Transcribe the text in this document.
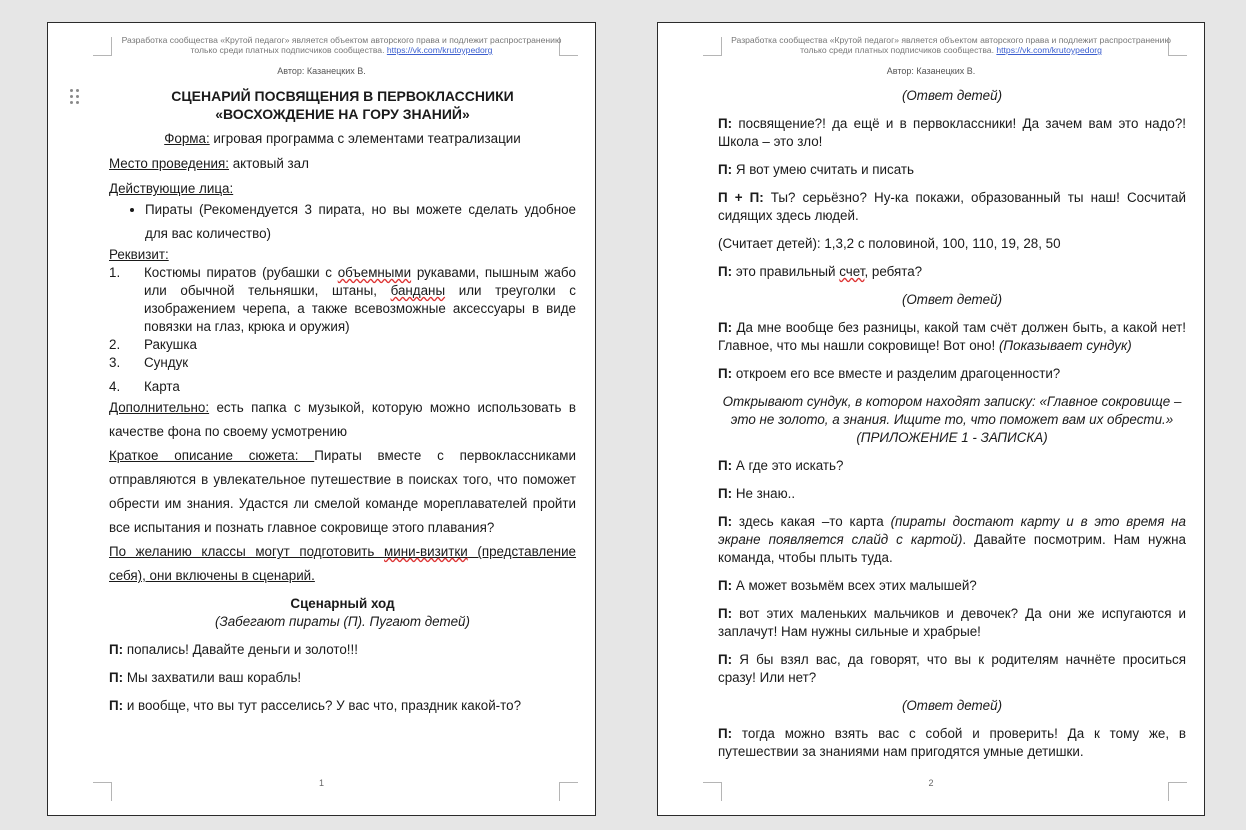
Разработка сообщества «Крутой педагог» является объектом авторского права и подлежит распространению
только среди платных подписчиков сообщества. https://vk.com/krutoypedorg
Автор: Казанецких В.

СЦЕНАРИЙ ПОСВЯЩЕНИЯ В ПЕРВОКЛАССНИКИ

«ВОСХОЖДЕНИЕ НА ГОРУ ЗНАНИЙ»

Форма: игровая программа с элементами театрализации

Место проведения: актовый зал

Действующие лица:

• Пираты (Рекомендуется 3 пирата, но вы можете сделать удобное для вас количество)

Реквизит:

1.	Костюмы пиратов (рубашки с объемными рукавами, пышным жабо или обычной тельняшки, штаны, банданы или треуголки с изображением черепа, а также всевозможные аксессуары в виде повязки на глаз, крюка и оружия)
2.	Ракушка
3.	Сундук
4.	Карта

Дополнительно: есть папка с музыкой, которую можно использовать в качестве фона по своему усмотрению

Краткое описание сюжета: Пираты вместе с первоклассниками отправляются в увлекательное путешествие в поисках того, что поможет обрести им знания. Удастся ли смелой команде мореплавателей пройти все испытания и познать главное сокровище этого плавания?

По желанию классы могут подготовить мини-визитки (представление себя), они включены в сценарий.

Сценарный ход

(Забегают пираты (П). Пугают детей)

П: попались! Давайте деньги и золото!!!

П: Мы захватили ваш корабль!

П: и вообще, что вы тут расселись? У вас что, праздник какой-то?

1
Разработка сообщества «Крутой педагог» является объектом авторского права и подлежит распространению
только среди платных подписчиков сообщества. https://vk.com/krutoypedorg
Автор: Казанецких В.

(Ответ детей)

П: посвящение?! да ещё и в первоклассники! Да зачем вам это надо?! Школа – это зло!

П: Я вот умею считать и писать

П + П: Ты? серьёзно? Ну-ка покажи, образованный ты наш! Сосчитай сидящих здесь людей.

(Считает детей): 1,3,2 с половиной, 100, 110, 19, 28, 50

П: это правильный счет, ребята?

(Ответ детей)

П: Да мне вообще без разницы, какой там счёт должен быть, а какой нет! Главное, что мы нашли сокровище! Вот оно! (Показывает сундук)

П: откроем его все вместе и разделим драгоценности?

Открывают сундук, в котором находят записку: «Главное сокровище – это не золото, а знания. Ищите то, что поможет вам их обрести.» (ПРИЛОЖЕНИЕ 1 - ЗАПИСКА)

П: А где это искать?

П: Не знаю..

П: здесь какая –то карта (пираты достают карту и в это время на экране появляется слайд с картой). Давайте посмотрим. Нам нужна команда, чтобы плыть туда.

П: А может возьмём всех этих малышей?

П: вот этих маленьких мальчиков и девочек? Да они же испугаются и заплачут! Нам нужны сильные и храбрые!

П: Я бы взял вас, да говорят, что вы к родителям начнёте проситься сразу! Или нет?

(Ответ детей)

П: тогда можно взять вас с собой и проверить! Да к тому же, в путешествии за знаниями нам пригодятся умные детишки.

2
